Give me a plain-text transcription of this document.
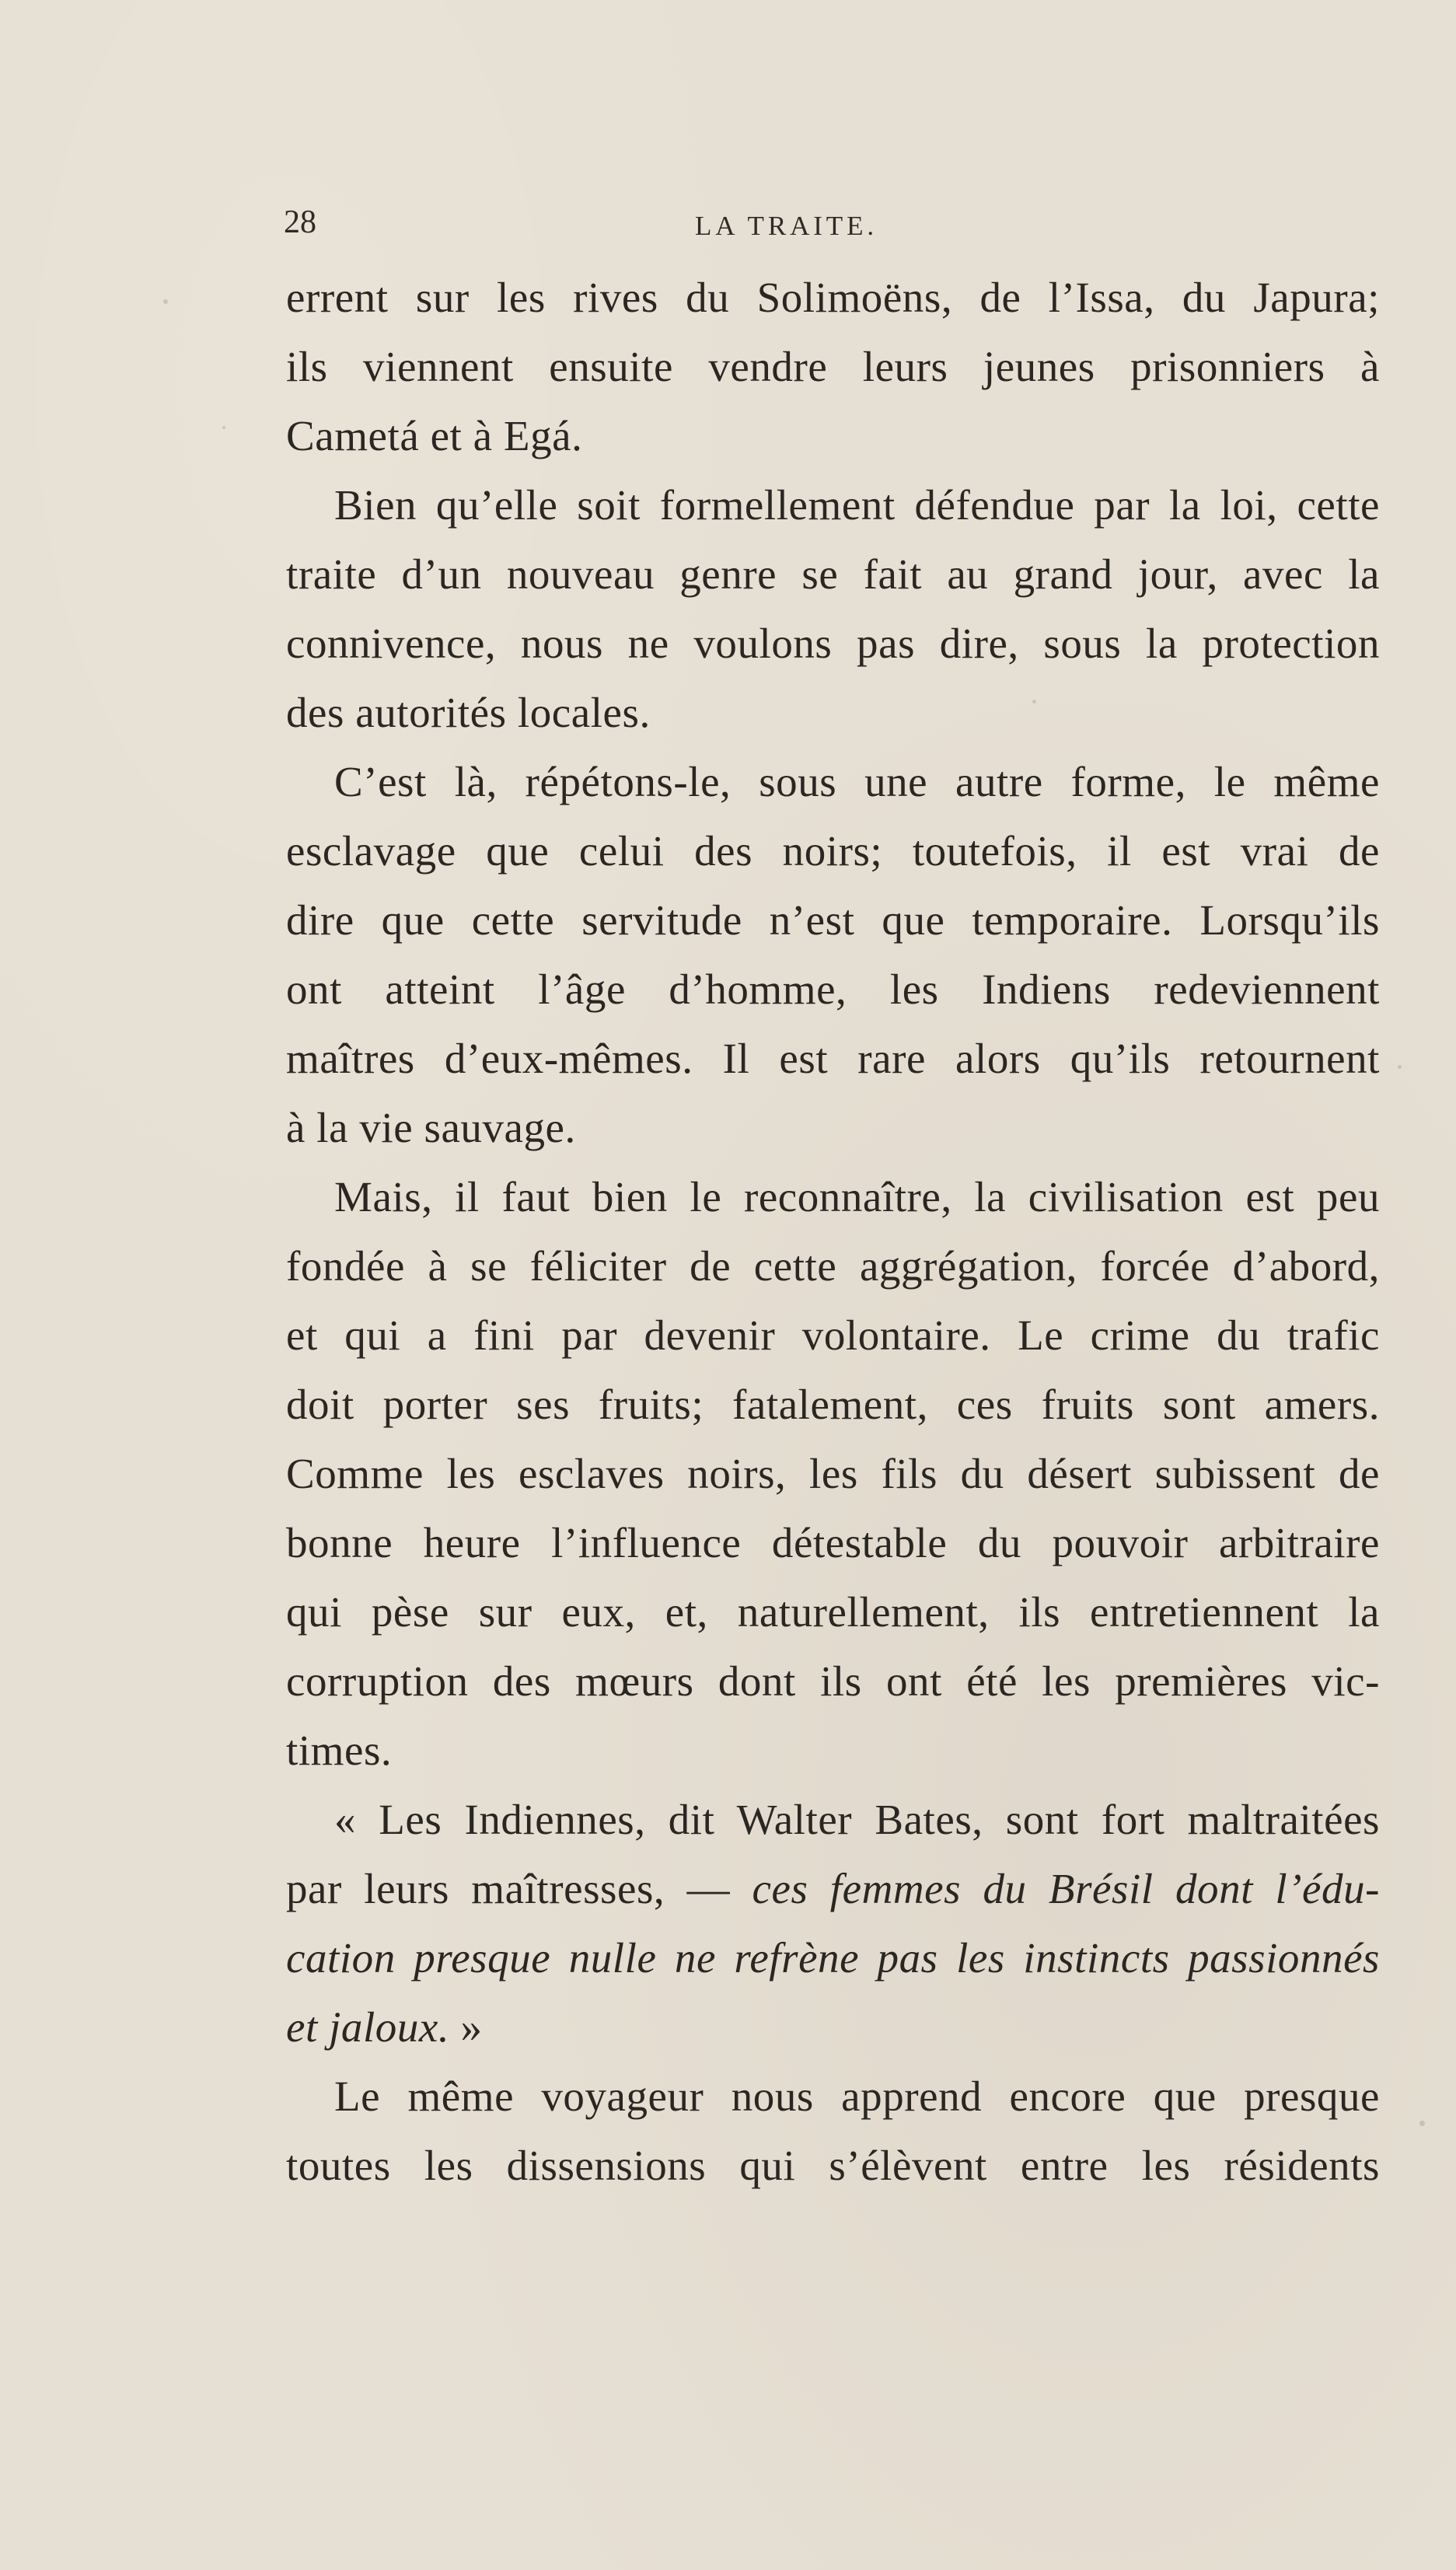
28	LA TRAITE.
errent sur les rives du Solimoëns, de l’Issa, du Japura;
ils viennent ensuite vendre leurs jeunes prisonniers à
Cametá et à Egá.
Bien qu’elle soit formellement défendue par la loi, cette
traite d’un nouveau genre se fait au grand jour, avec la
connivence, nous ne voulons pas dire, sous la protection
des autorités locales.
C’est là, répétons-le, sous une autre forme, le même
esclavage que celui des noirs; toutefois, il est vrai de
dire que cette servitude n’est que temporaire. Lorsqu’ils
ont atteint l’âge d’homme, les Indiens redeviennent
maîtres d’eux-mêmes. Il est rare alors qu’ils retournent
à la vie sauvage.
Mais, il faut bien le reconnaître, la civilisation est peu
fondée à se féliciter de cette aggrégation, forcée d’abord,
et qui a fini par devenir volontaire. Le crime du trafic
doit porter ses fruits; fatalement, ces fruits sont amers.
Comme les esclaves noirs, les fils du désert subissent de
bonne heure l’influence détestable du pouvoir arbitraire
qui pèse sur eux, et, naturellement, ils entretiennent la
corruption des mœurs dont ils ont été les premières vic-
times.
« Les Indiennes, dit Walter Bates, sont fort maltraitées
par leurs maîtresses, — ces femmes du Brésil dont l’édu-
cation presque nulle ne refrène pas les instincts passionnés
et jaloux. »
Le même voyageur nous apprend encore que presque
toutes les dissensions qui s’élèvent entre les résidents
